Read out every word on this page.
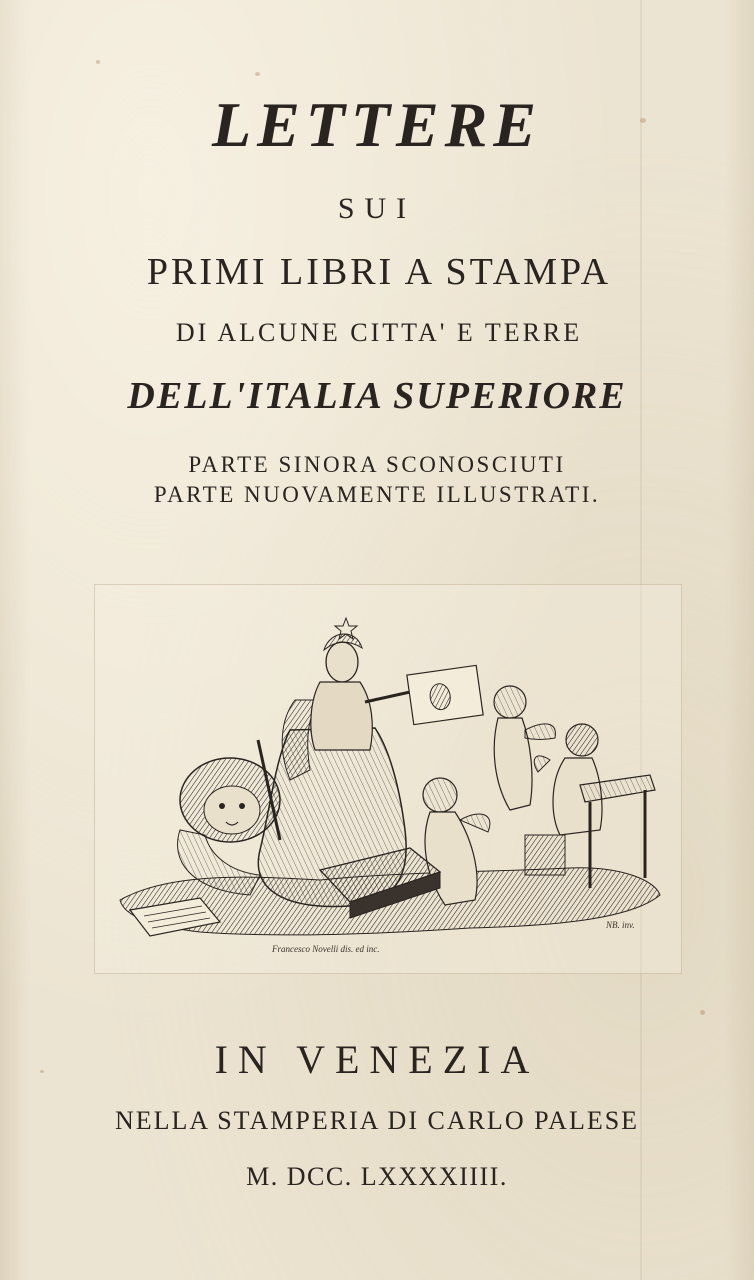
LETTERE
SUI
PRIMI LIBRI A STAMPA
DI ALCUNE CITTA' E TERRE
DELL'ITALIA SUPERIORE
PARTE SINORA SCONOSCIUTI
PARTE NUOVAMENTE ILLUSTRATI.
Francesco Novelli dis. ed inc.
NB. inv.
IN VENEZIA
NELLA STAMPERIA DI CARLO PALESE
M. DCC. LXXXXIIII.
